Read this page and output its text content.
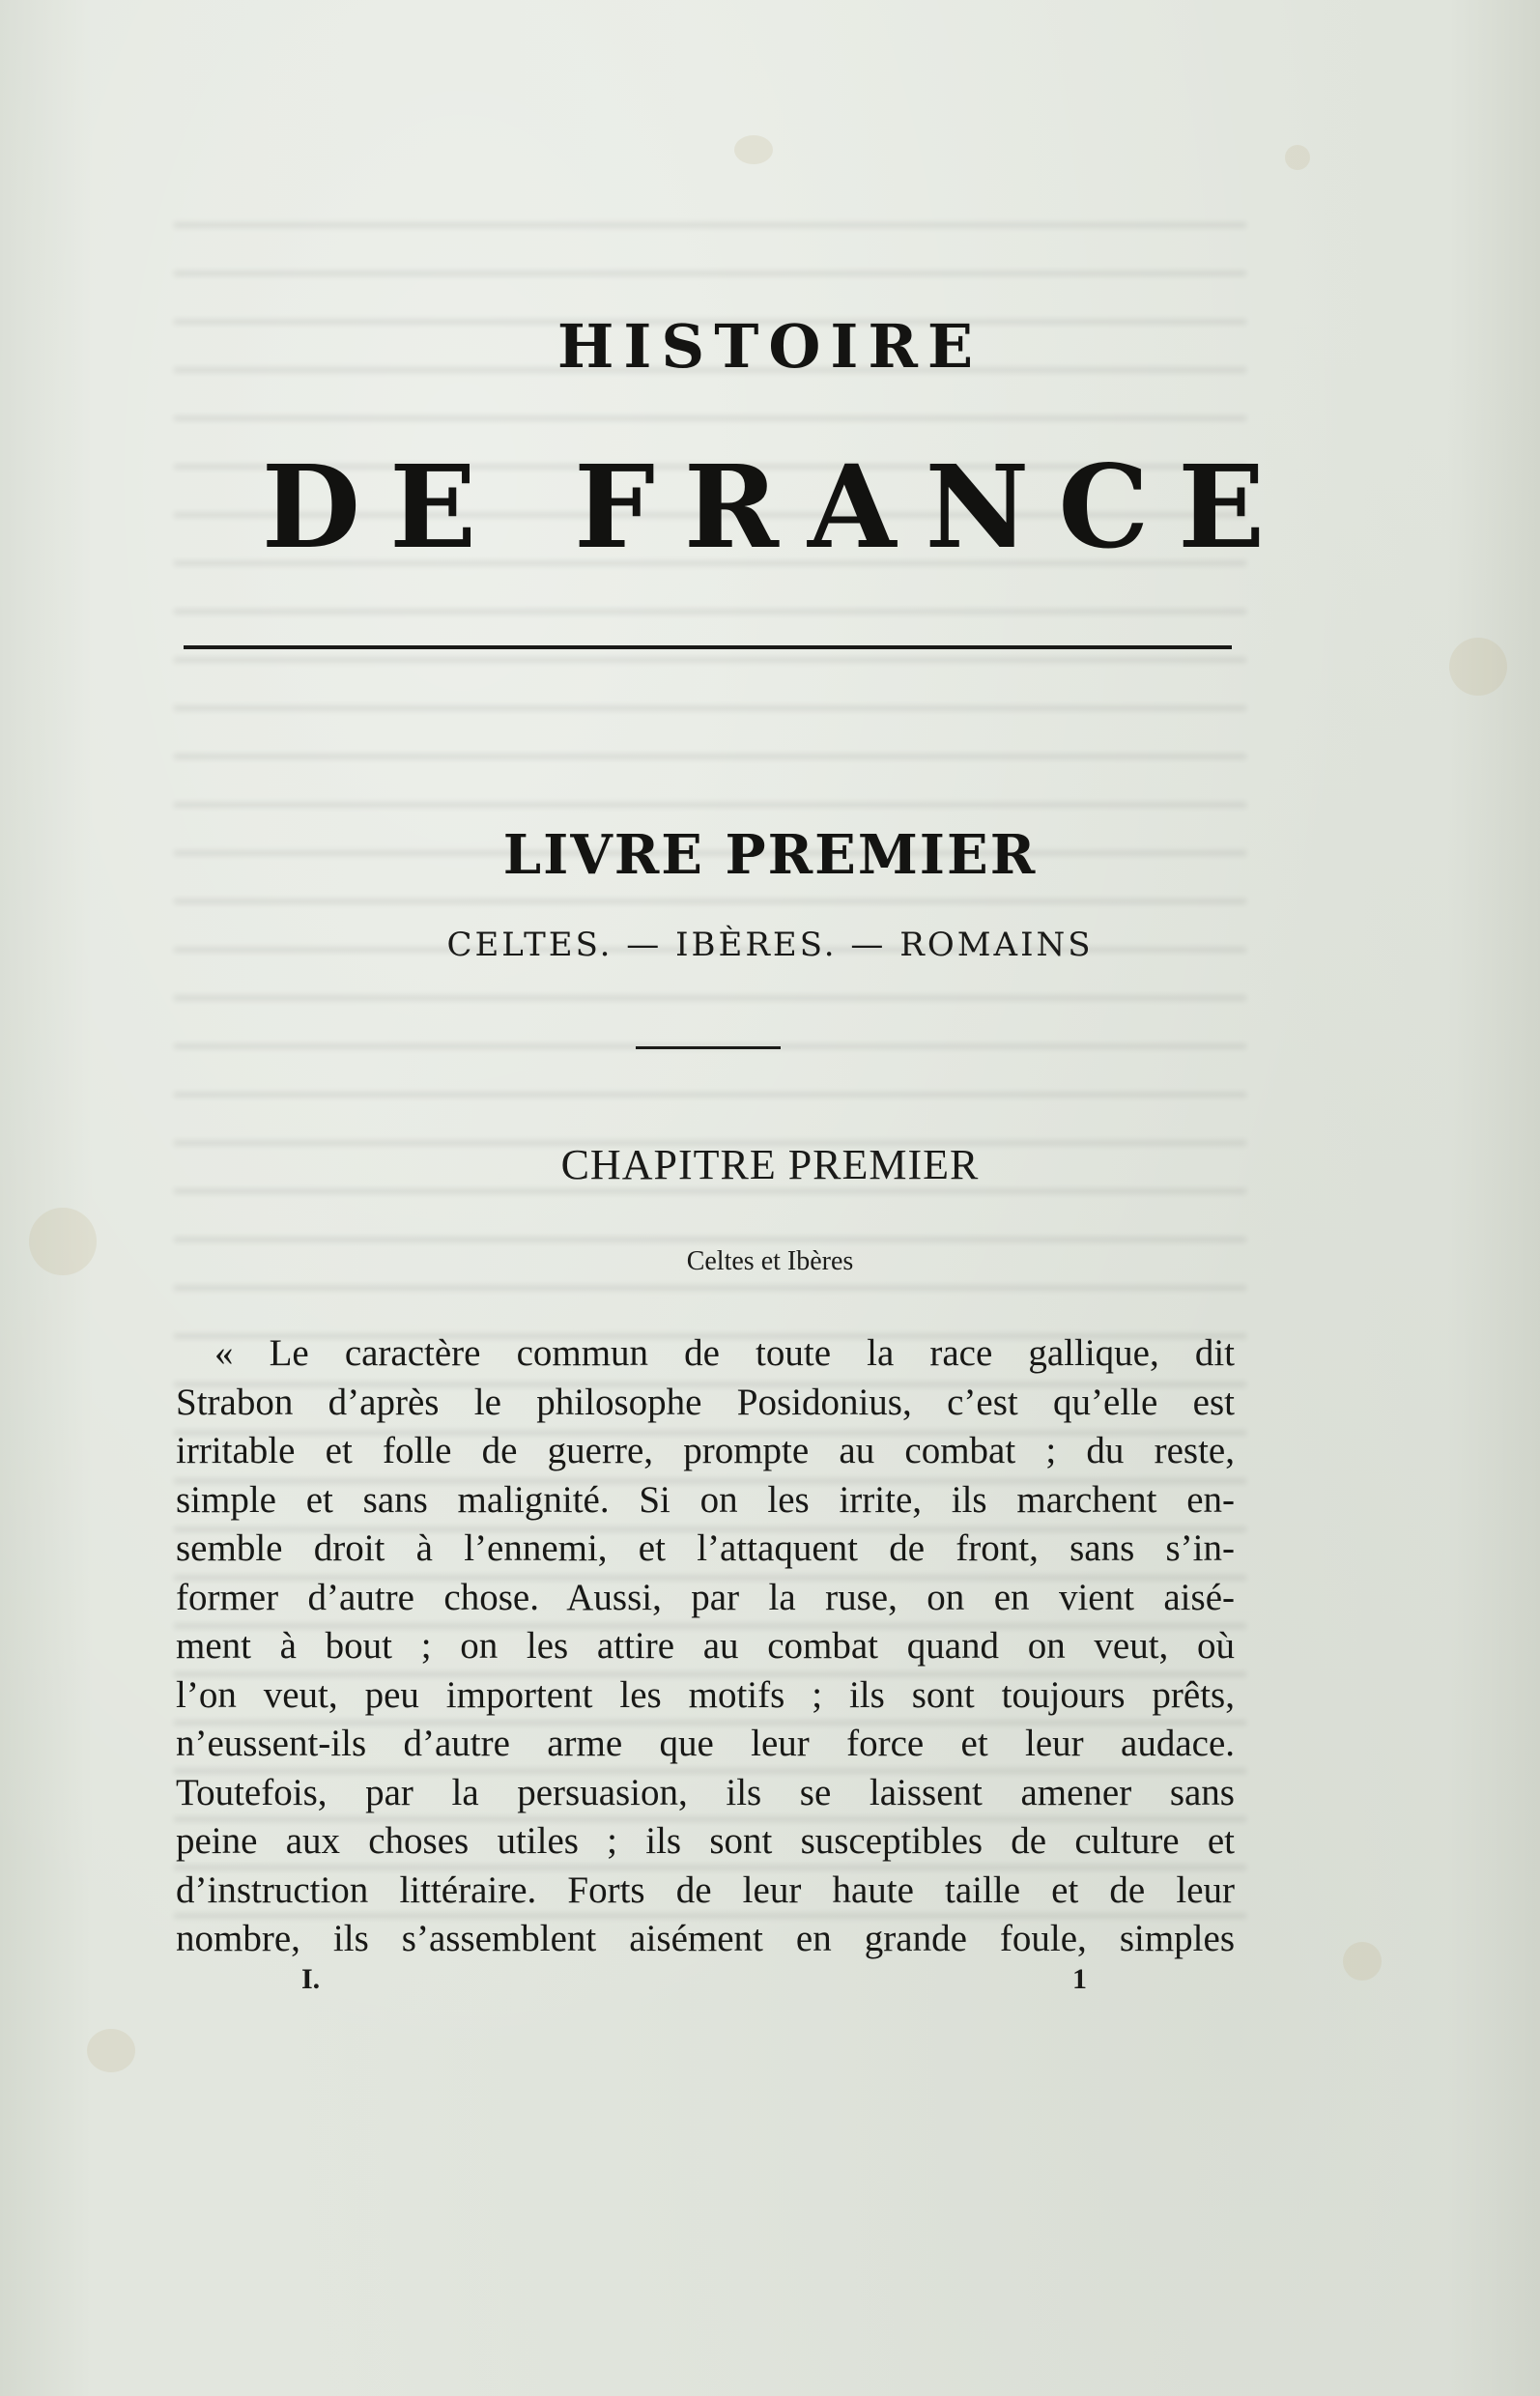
HISTOIRE
DE FRANCE
LIVRE PREMIER
CELTES. — IBÈRES. — ROMAINS
CHAPITRE PREMIER
Celtes et Ibères
« Le caractère commun de toute la race gallique, dit
Strabon d’après le philosophe Posidonius, c’est qu’elle est
irritable et folle de guerre, prompte au combat ; du reste,
simple et sans malignité. Si on les irrite, ils marchent en-
semble droit à l’ennemi, et l’attaquent de front, sans s’in-
former d’autre chose. Aussi, par la ruse, on en vient aisé-
ment à bout ; on les attire au combat quand on veut, où
l’on veut, peu importent les motifs ; ils sont toujours prêts,
n’eussent-ils d’autre arme que leur force et leur audace.
Toutefois, par la persuasion, ils se laissent amener sans
peine aux choses utiles ; ils sont susceptibles de culture et
d’instruction littéraire. Forts de leur haute taille et de leur
nombre, ils s’assemblent aisément en grande foule, simples
I.	1
